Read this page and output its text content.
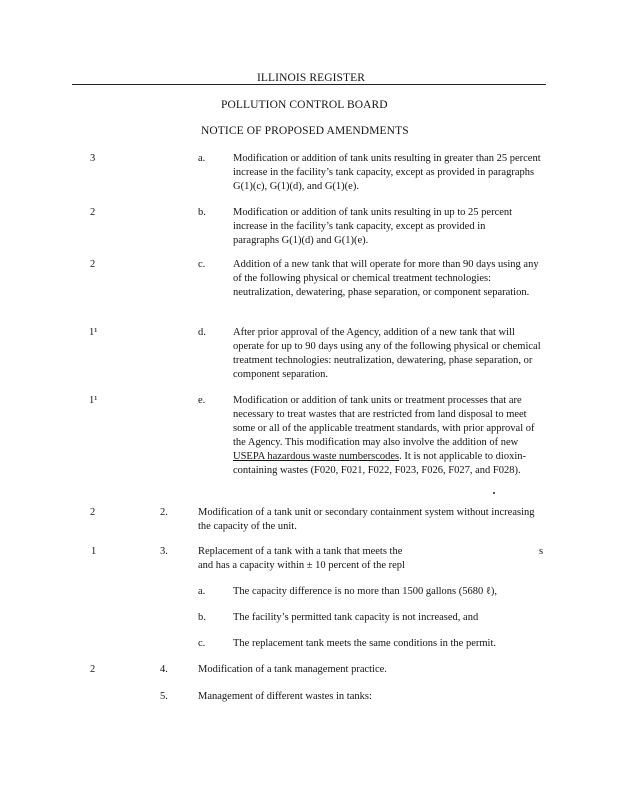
ILLINOIS REGISTER
POLLUTION CONTROL BOARD
NOTICE OF PROPOSED AMENDMENTS
3	a.	Modification or addition of tank units resulting in greater than 25 percent increase in the facility’s tank capacity, except as provided in paragraphs G(1)(c), G(1)(d), and G(1)(e).
2	b.	Modification or addition of tank units resulting in up to 25 percent increase in the facility’s tank capacity, except as provided in paragraphs G(1)(d) and G(1)(e).
2	c.	Addition of a new tank that will operate for more than 90 days using any of the following physical or chemical treatment technologies: neutralization, dewatering, phase separation, or component separation.
1¹	d.	After prior approval of the Agency, addition of a new tank that will operate for up to 90 days using any of the following physical or chemical treatment technologies: neutralization, dewatering, phase separation, or component separation.
1¹	e.	Modification or addition of tank units or treatment processes that are necessary to treat wastes that are restricted from land disposal to meet some or all of the applicable treatment standards, with prior approval of the Agency. This modification may also involve the addition of new USEPA hazardous waste numberscodes. It is not applicable to dioxin-containing wastes (F020, F021, F022, F023, F026, F027, and F028).
2	2.	Modification of a tank unit or secondary containment system without increasing the capacity of the unit.
1	3.	Replacement of a tank with a tank that meets the	s
and has a capacity within ± 10 percent of the repl
a.	The capacity difference is no more than 1500 gallons (5680 ℓ),
b.	The facility’s permitted tank capacity is not increased, and
c.	The replacement tank meets the same conditions in the permit.
2	4.	Modification of a tank management practice.
5.	Management of different wastes in tanks:
